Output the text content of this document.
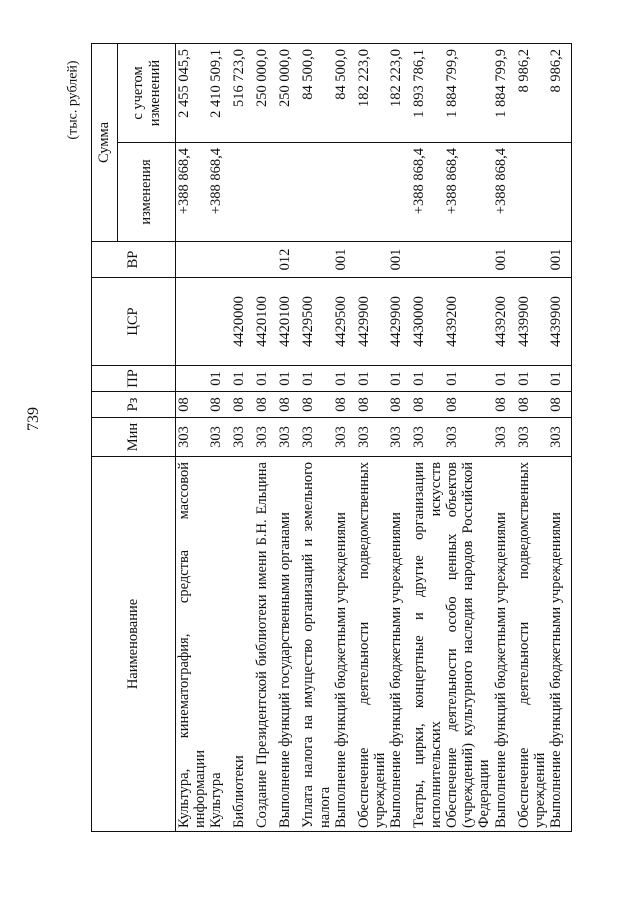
739
(тыс. рублей)
Наименование	Мин	Рз	ПР	ЦСР	ВР	Сумма	
						изменения	с учетом изменений
Культура, кинематография, средства массовой информации	303	08				+388 868,4	2 455 045,5
Культура	303	08	01			+388 868,4	2 410 509,1
Библиотеки	303	08	01	4420000			516 723,0
Создание Президентской библиотеки имени Б.Н. Ельцина	303	08	01	4420100			250 000,0
Выполнение функций государственными органами	303	08	01	4420100	012		250 000,0
Уплата налога на имущество организаций и земельного налога	303	08	01	4429500			84 500,0
Выполнение функций бюджетными учреждениями	303	08	01	4429500	001		84 500,0
Обеспечение деятельности подведомственных учреждений	303	08	01	4429900			182 223,0
Выполнение функций бюджетными учреждениями	303	08	01	4429900	001		182 223,0
Театры, цирки, концертные и другие организации исполнительских искусств	303	08	01	4430000		+388 868,4	1 893 786,1
Обеспечение деятельности особо ценных объектов (учреждений) культурного наследия народов Российской Федерации	303	08	01	4439200		+388 868,4	1 884 799,9
Выполнение функций бюджетными учреждениями	303	08	01	4439200	001	+388 868,4	1 884 799,9
Обеспечение деятельности подведомственных учреждений	303	08	01	4439900			8 986,2
Выполнение функций бюджетными учреждениями	303	08	01	4439900	001		8 986,2
